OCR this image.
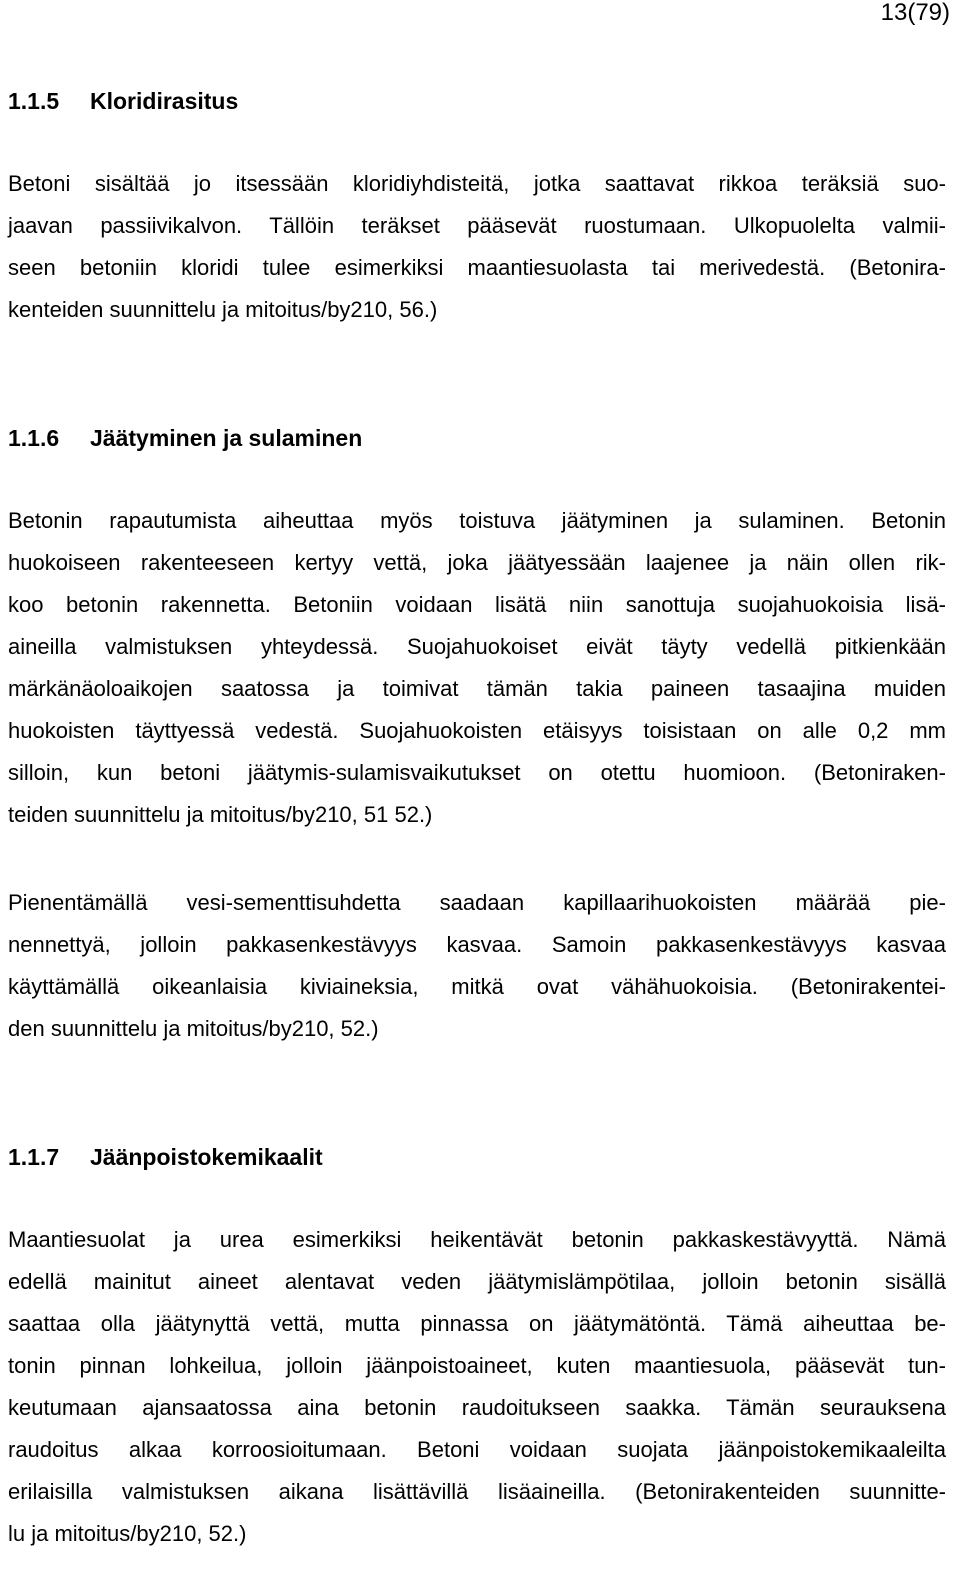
13(79)
1.1.5 Kloridirasitus
Betoni sisältää jo itsessään kloridiyhdisteitä, jotka saattavat rikkoa teräksiä suo-
jaavan passiivikalvon. Tällöin teräkset pääsevät ruostumaan. Ulkopuolelta valmii-
seen betoniin kloridi tulee esimerkiksi maantiesuolasta tai merivedestä. (Betonira-
kenteiden suunnittelu ja mitoitus/by210, 56.)
1.1.6 Jäätyminen ja sulaminen
Betonin rapautumista aiheuttaa myös toistuva jäätyminen ja sulaminen. Betonin
huokoiseen rakenteeseen kertyy vettä, joka jäätyessään laajenee ja näin ollen rik-
koo betonin rakennetta. Betoniin voidaan lisätä niin sanottuja suojahuokoisia lisä-
aineilla valmistuksen yhteydessä. Suojahuokoiset eivät täyty vedellä pitkienkään
märkänäoloaikojen saatossa ja toimivat tämän takia paineen tasaajina muiden
huokoisten täyttyessä vedestä. Suojahuokoisten etäisyys toisistaan on alle 0,2 mm
silloin, kun betoni jäätymis-sulamisvaikutukset on otettu huomioon. (Betoniraken-
teiden suunnittelu ja mitoitus/by210, 51 52.)
Pienentämällä vesi-sementtisuhdetta saadaan kapillaarihuokoisten määrää pie-
nennettyä, jolloin pakkasenkestävyys kasvaa. Samoin pakkasenkestävyys kasvaa
käyttämällä oikeanlaisia kiviaineksia, mitkä ovat vähähuokoisia. (Betonirakentei-
den suunnittelu ja mitoitus/by210, 52.)
1.1.7 Jäänpoistokemikaalit
Maantiesuolat ja urea esimerkiksi heikentävät betonin pakkaskestävyyttä. Nämä
edellä mainitut aineet alentavat veden jäätymislämpötilaa, jolloin betonin sisällä
saattaa olla jäätynyttä vettä, mutta pinnassa on jäätymätöntä. Tämä aiheuttaa be-
tonin pinnan lohkeilua, jolloin jäänpoistoaineet, kuten maantiesuola, pääsevät tun-
keutumaan ajansaatossa aina betonin raudoitukseen saakka. Tämän seurauksena
raudoitus alkaa korroosioitumaan. Betoni voidaan suojata jäänpoistokemikaaleilta
erilaisilla valmistuksen aikana lisättävillä lisäaineilla. (Betonirakenteiden suunnitte-
lu ja mitoitus/by210, 52.)
